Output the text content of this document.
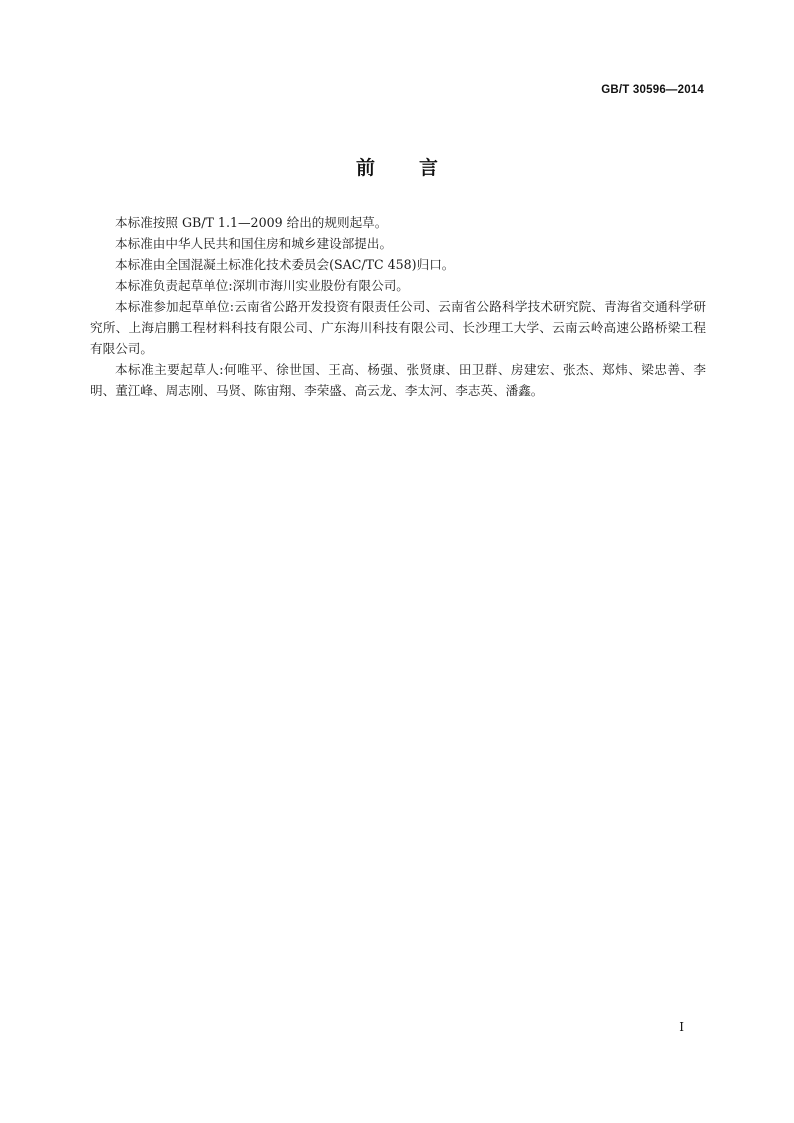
GB/T 30596—2014
前言

本标准按照 GB/T 1.1—2009 给出的规则起草。

本标准由中华人民共和国住房和城乡建设部提出。

本标准由全国混凝土标准化技术委员会(SAC/TC 458)归口。

本标准负责起草单位:深圳市海川实业股份有限公司。

本标准参加起草单位:云南省公路开发投资有限责任公司、云南省公路科学技术研究院、青海省交通科学研究所、上海启鹏工程材料科技有限公司、广东海川科技有限公司、长沙理工大学、云南云岭高速公路桥梁工程有限公司。

本标准主要起草人:何唯平、徐世国、王高、杨强、张贤康、田卫群、房建宏、张杰、郑炜、梁忠善、李明、董江峰、周志刚、马贤、陈宙翔、李荣盛、高云龙、李太河、李志英、潘鑫。

I
